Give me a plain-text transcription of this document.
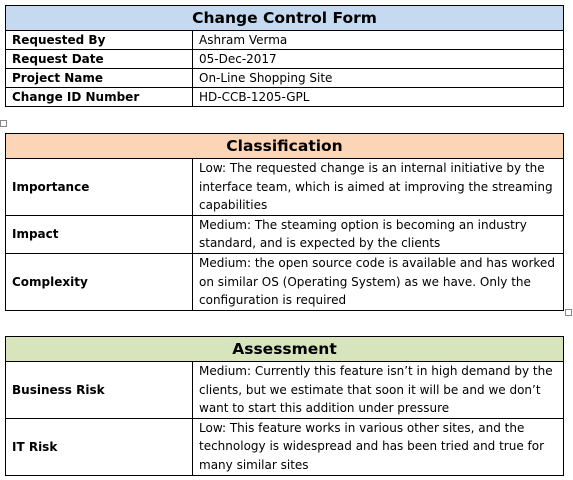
Change Control Form	
Requested By	Ashram Verma
Request Date	05-Dec-2017
Project Name	On-Line Shopping Site
Change ID Number	HD-CCB-1205-GPL
Classification	
Importance	Low: The requested change is an internal initiative by the interface team, which is aimed at improving the streaming capabilities
Impact	Medium: The steaming option is becoming an industry standard, and is expected by the clients
Complexity	Medium: the open source code is available and has worked on similar OS (Operating System) as we have. Only the configuration is required
Assessment	
Business Risk	Medium: Currently this feature isn’t in high demand by the clients, but we estimate that soon it will be and we don’t want to start this addition under pressure
IT Risk	Low: This feature works in various other sites, and the technology is widespread and has been tried and true for many similar sites
